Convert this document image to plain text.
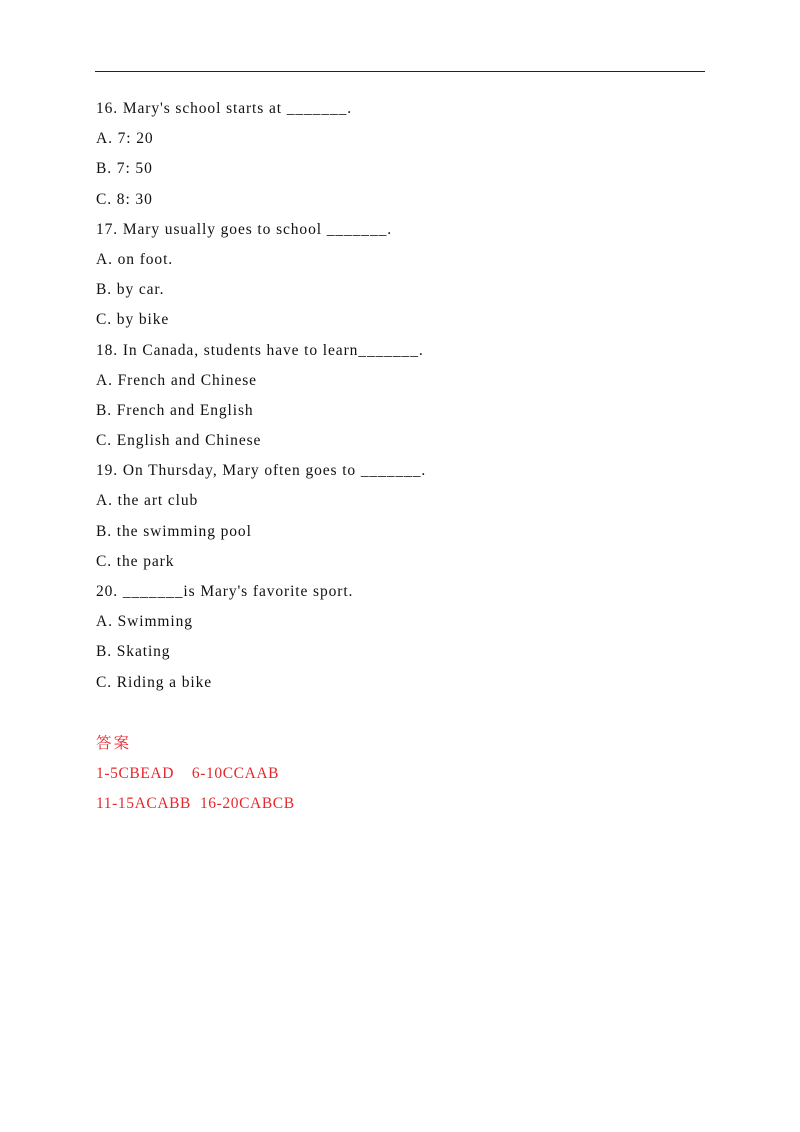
16. Mary's school starts at _______.
A. 7: 20
B. 7: 50
C. 8: 30
17. Mary usually goes to school _______.
A. on foot.
B. by car.
C. by bike
18. In Canada, students have to learn_______.
A. French and Chinese
B. French and English
C. English and Chinese
19. On Thursday, Mary often goes to _______.
A. the art club
B. the swimming pool
C. the park
20. _______is Mary's favorite sport.
A. Swimming
B. Skating
C. Riding a bike
答案
1-5CBEAD    6-10CCAAB
11-15ACABB  16-20CABCB
